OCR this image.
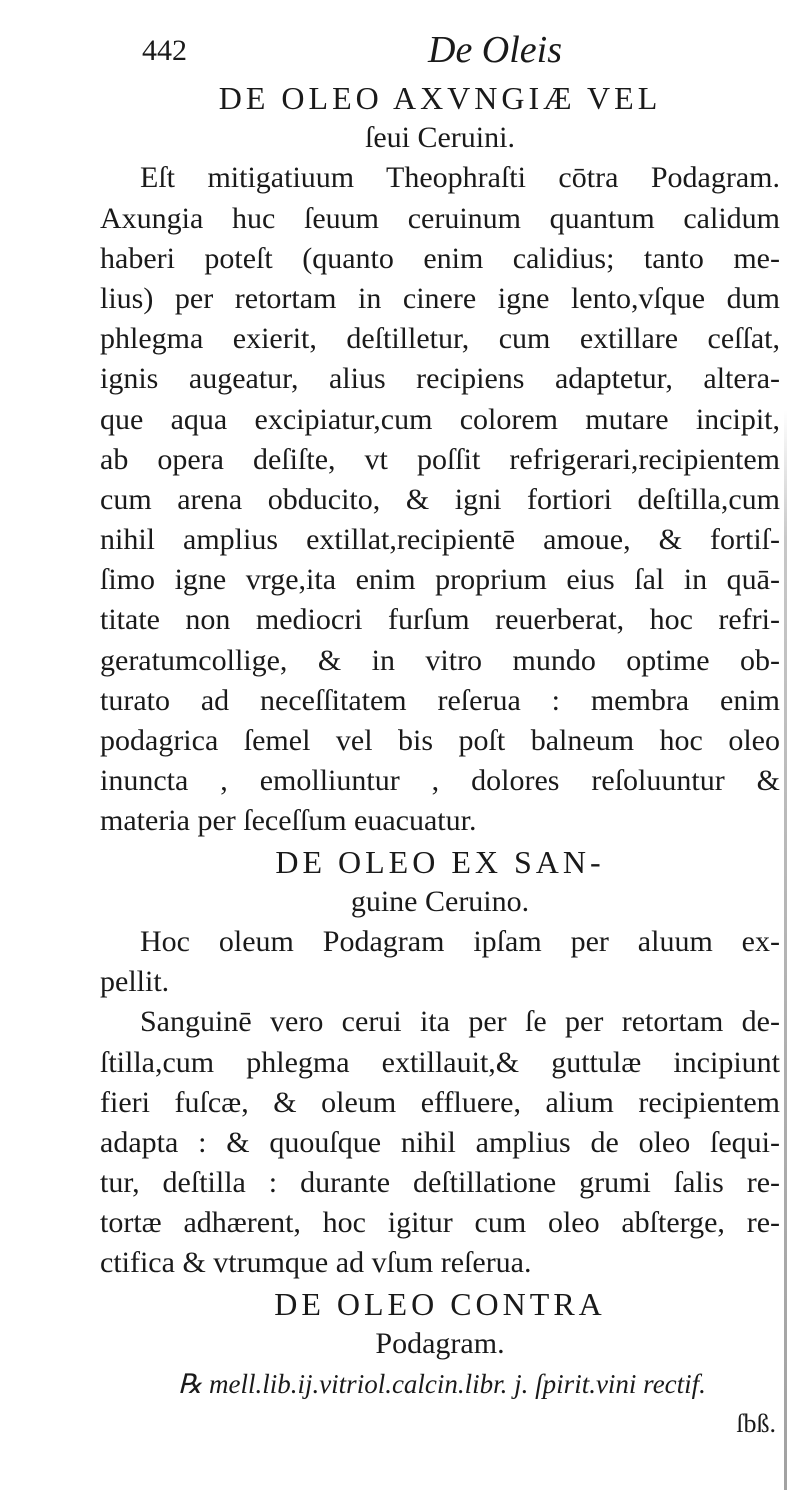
442	De Oleis
DE OLEO AXVNGIÆ VEL
ſeui Ceruini.
Eſt mitigatiuum Theophraſti cōtra Podagram.
Axungia huc ſeuum ceruinum quantum calidum
haberi poteſt (quanto enim calidius; tanto me-
lius) per retortam in cinere igne lento,vſque dum
phlegma exierit, deſtilletur, cum extillare ceſſat,
ignis augeatur, alius recipiens adaptetur, altera-
que aqua excipiatur,cum colorem mutare incipit,
ab opera deſiſte, vt poſſit refrigerari,recipientem
cum arena obducito, & igni fortiori deſtilla,cum
nihil amplius extillat,recipientē amoue, & fortiſ-
ſimo igne vrge,ita enim proprium eius ſal in quā-
titate non mediocri furſum reuerberat, hoc refri-
geratumcollige, & in vitro mundo optime ob-
turato ad neceſſitatem reſerua : membra enim
podagrica ſemel vel bis poſt balneum hoc oleo
inuncta , emolliuntur , dolores reſoluuntur &
materia per ſeceſſum euacuatur.
DE OLEO EX SAN-
guine Ceruino.
Hoc oleum Podagram ipſam per aluum ex-
pellit.
Sanguinē vero cerui ita per ſe per retortam de-
ſtilla,cum phlegma extillauit,& guttulæ incipiunt
fieri fuſcæ, & oleum effluere, alium recipientem
adapta : & quouſque nihil amplius de oleo ſequi-
tur, deſtilla : durante deſtillatione grumi ſalis re-
tortæ adhærent, hoc igitur cum oleo abſterge, re-
ctifica & vtrumque ad vſum reſerua.
DE OLEO CONTRA
Podagram.
℞ mell.lib.ij.vitriol.calcin.libr. j. ſpirit.vini rectif.
ſbß.
